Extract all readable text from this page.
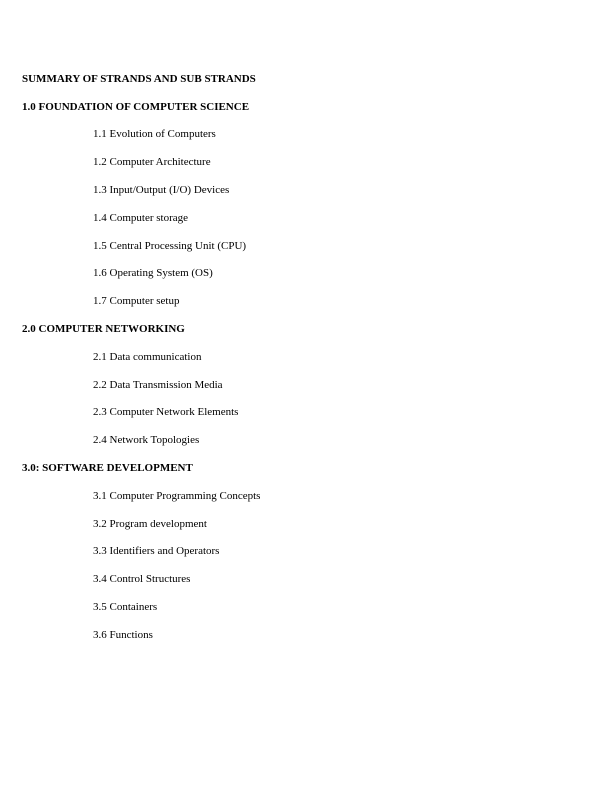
SUMMARY OF STRANDS AND SUB STRANDS
1.0 FOUNDATION OF COMPUTER SCIENCE
1.1 Evolution of Computers
1.2 Computer Architecture
1.3 Input/Output (I/O) Devices
1.4 Computer storage
1.5 Central Processing Unit (CPU)
1.6 Operating System (OS)
1.7 Computer setup
2.0 COMPUTER NETWORKING
2.1 Data communication
2.2 Data Transmission Media
2.3 Computer Network Elements
2.4 Network Topologies
3.0: SOFTWARE DEVELOPMENT
3.1 Computer Programming Concepts
3.2 Program development
3.3 Identifiers and Operators
3.4 Control Structures
3.5 Containers
3.6 Functions
